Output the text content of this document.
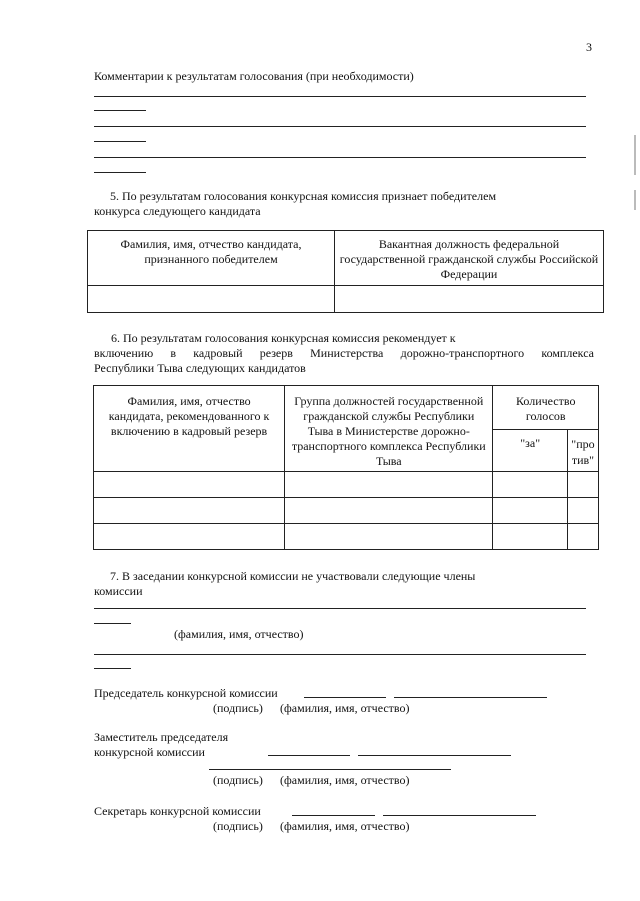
3
Комментарии к результатам голосования (при необходимости)
5. По результатам голосования конкурсная комиссия признает победителем
конкурса следующего кандидата
Фамилия, имя, отчество кандидата, признанного победителем	Вакантная должность федеральной государственной гражданской службы Российской Федерации

6. По результатам голосования конкурсная комиссия рекомендует к
включению в кадровый резерв Министерства дорожно-транспортного комплекса
Республики Тыва следующих кандидатов
Фамилия, имя, отчество кандидата, рекомендованного к включению в кадровый резерв	Группа должностей государственной гражданской службы Республики Тыва в Министерстве дорожно-транспортного комплекса Республики Тыва	Количество голосов	
		"за"	"про тив"

7. В заседании конкурсной комиссии не участвовали следующие члены
комиссии
(фамилия, имя, отчество)
Председатель конкурсной комиссии
(подпись) (фамилия, имя, отчество)
Заместитель председателя
конкурсной комиссии
(подпись) (фамилия, имя, отчество)
Секретарь конкурсной комиссии
(подпись) (фамилия, имя, отчество)
